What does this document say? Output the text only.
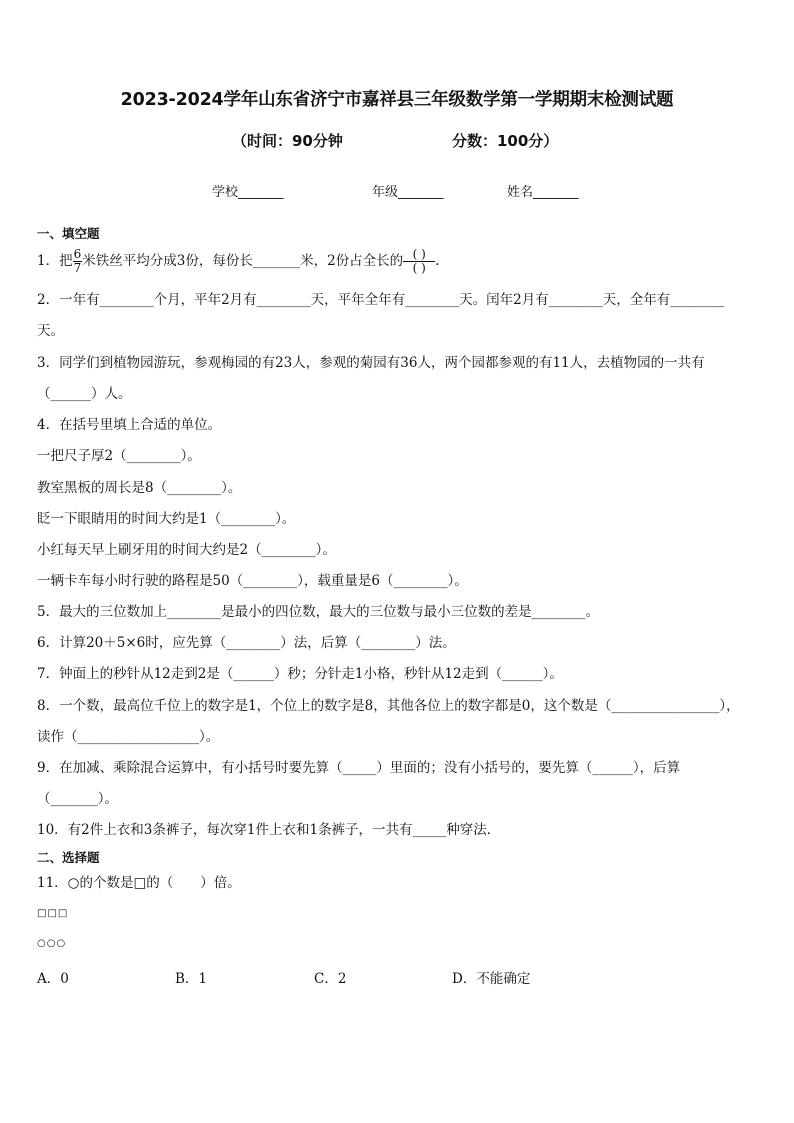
2023-2024学年山东省济宁市嘉祥县三年级数学第一学期期末检测试题
（时间：90分钟	分数：100分）
学校_______	年级_______	姓名_______
一、填空题
1．把 $\frac{6}{7}$ 米铁丝平均分成3份，每份长_______米，2份占全长的 $\frac{( )}{( )}$ .
2．一年有________个月，平年2月有________天，平年全年有________天。闰年2月有________天，全年有________
天。
3．同学们到植物园游玩，参观梅园的有23人，参观的菊园有36人，两个园都参观的有11人，去植物园的一共有
（______）人。
4．在括号里填上合适的单位。
一把尺子厚2（________）。
教室黑板的周长是8（________）。
眨一下眼睛用的时间大约是1（________）。
小红每天早上刷牙用的时间大约是2（________）。
一辆卡车每小时行驶的路程是50（________），载重量是6（________）。
5．最大的三位数加上________是最小的四位数，最大的三位数与最小三位数的差是________。
6．计算20＋5×6时，应先算（________）法，后算（________）法。
7．钟面上的秒针从12走到2是（______）秒；分针走1小格，秒针从12走到（______）。
8．一个数，最高位千位上的数字是1，个位上的数字是8，其他各位上的数字都是0，这个数是（________________），
读作（__________________）。
9．在加减、乘除混合运算中，有小括号时要先算（_____）里面的；没有小括号的，要先算（______），后算
（_______）。
10．有2件上衣和3条裤子，每次穿1件上衣和1条裤子，一共有_____种穿法．
二、选择题
11．○的个数是□的（　　）倍。
□□□
○○○
A．0	B．1	C．2	D．不能确定
